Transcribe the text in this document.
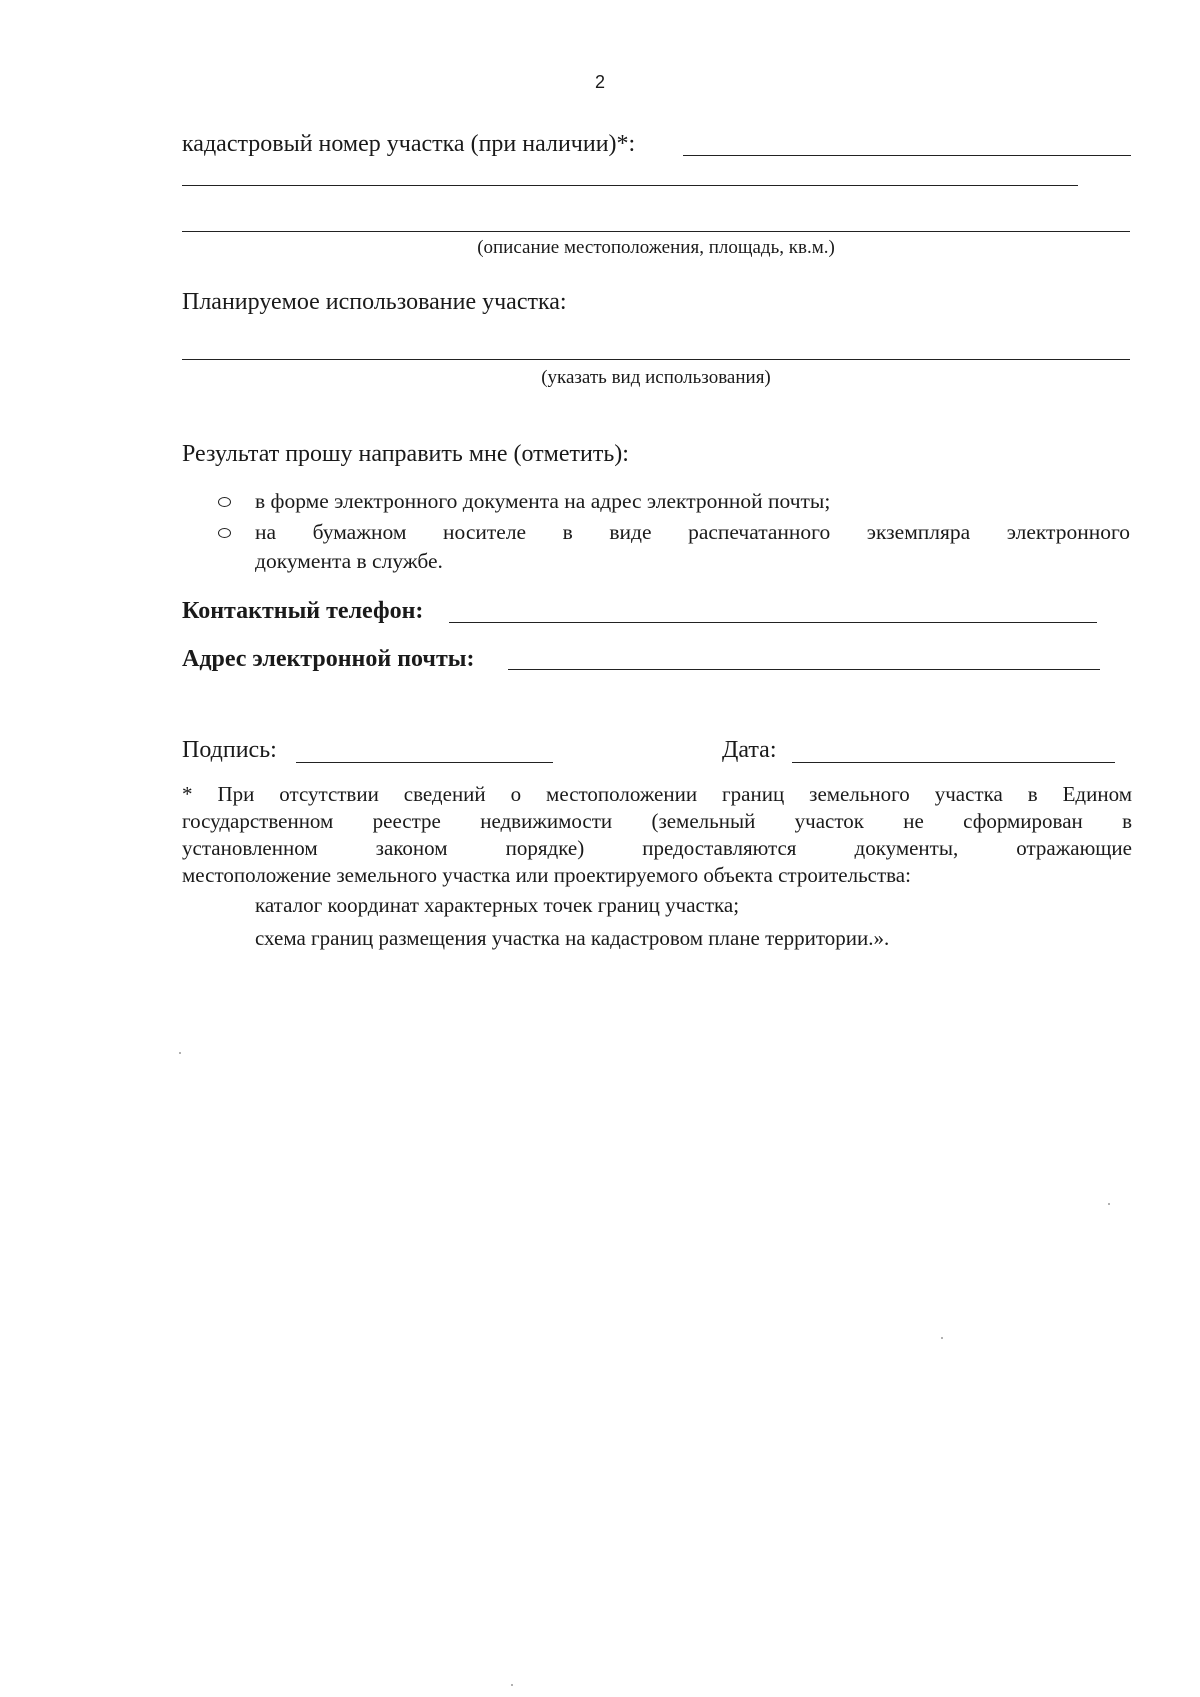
2
кадастровый номер участка (при наличии)*:
(описание местоположения, площадь, кв.м.)
Планируемое использование участка:
(указать вид использования)
Результат прошу направить мне (отметить):
в форме электронного документа на адрес электронной почты;
на бумажном носителе в виде распечатанного экземпляра электронного
документа в службе.
Контактный телефон:
Адрес электронной почты:
Подпись:	Дата:
* При отсутствии сведений о местоположении границ земельного участка в Едином
государственном реестре недвижимости (земельный участок не сформирован в
установленном законом порядке) предоставляются документы, отражающие
местоположение земельного участка или проектируемого объекта строительства:
каталог координат характерных точек границ участка;
схема границ размещения участка на кадастровом плане территории.».
